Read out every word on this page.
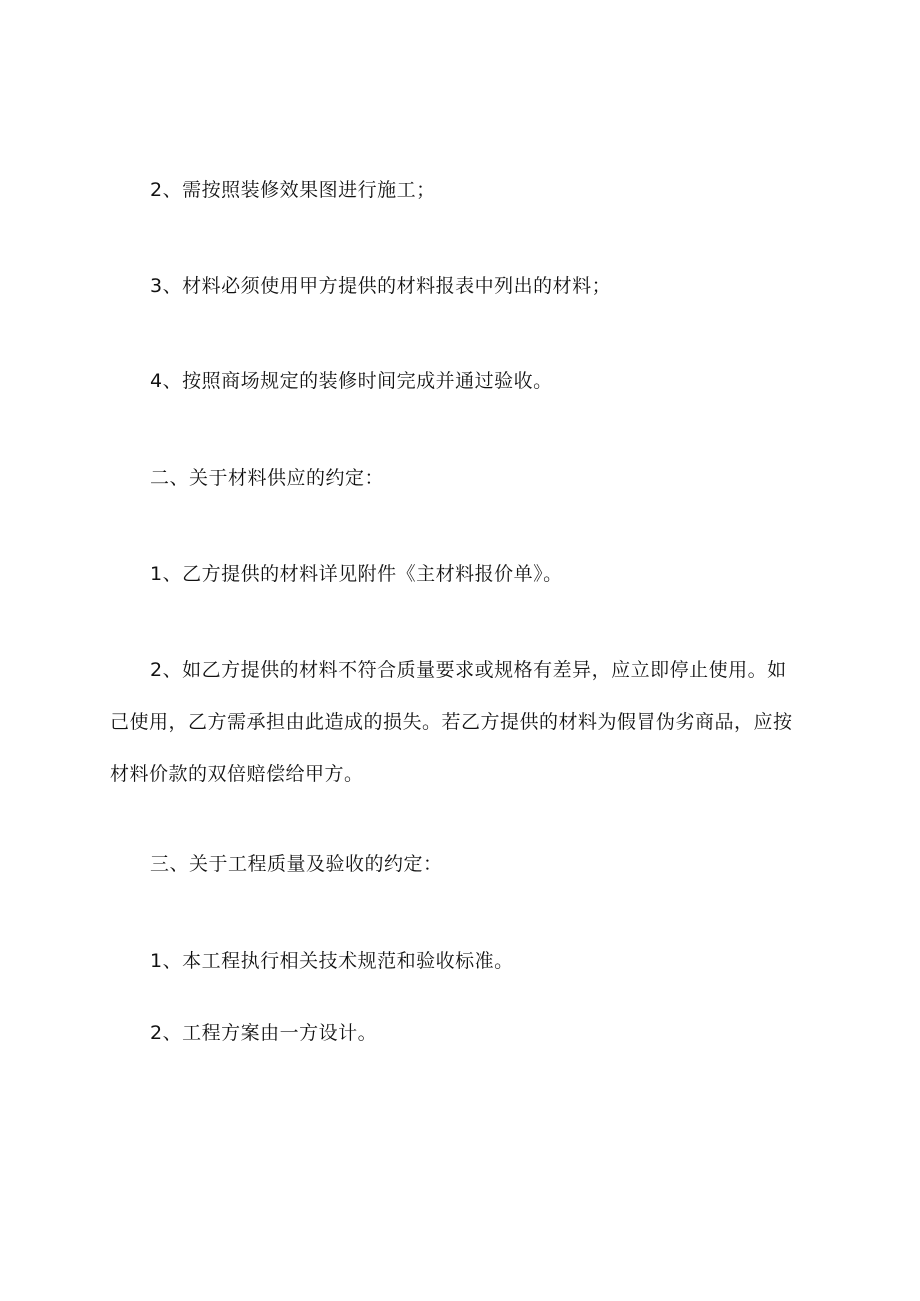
2、需按照装修效果图进行施工；
3、材料必须使用甲方提供的材料报表中列出的材料；
4、按照商场规定的装修时间完成并通过验收。
二、关于材料供应的约定：
1、乙方提供的材料详见附件《主材料报价单》。
2、如乙方提供的材料不符合质量要求或规格有差异，应立即停止使用。如
己使用，乙方需承担由此造成的损失。若乙方提供的材料为假冒伪劣商品，应按
材料价款的双倍赔偿给甲方。
三、关于工程质量及验收的约定：
1、本工程执行相关技术规范和验收标准。
2、工程方案由一方设计。
